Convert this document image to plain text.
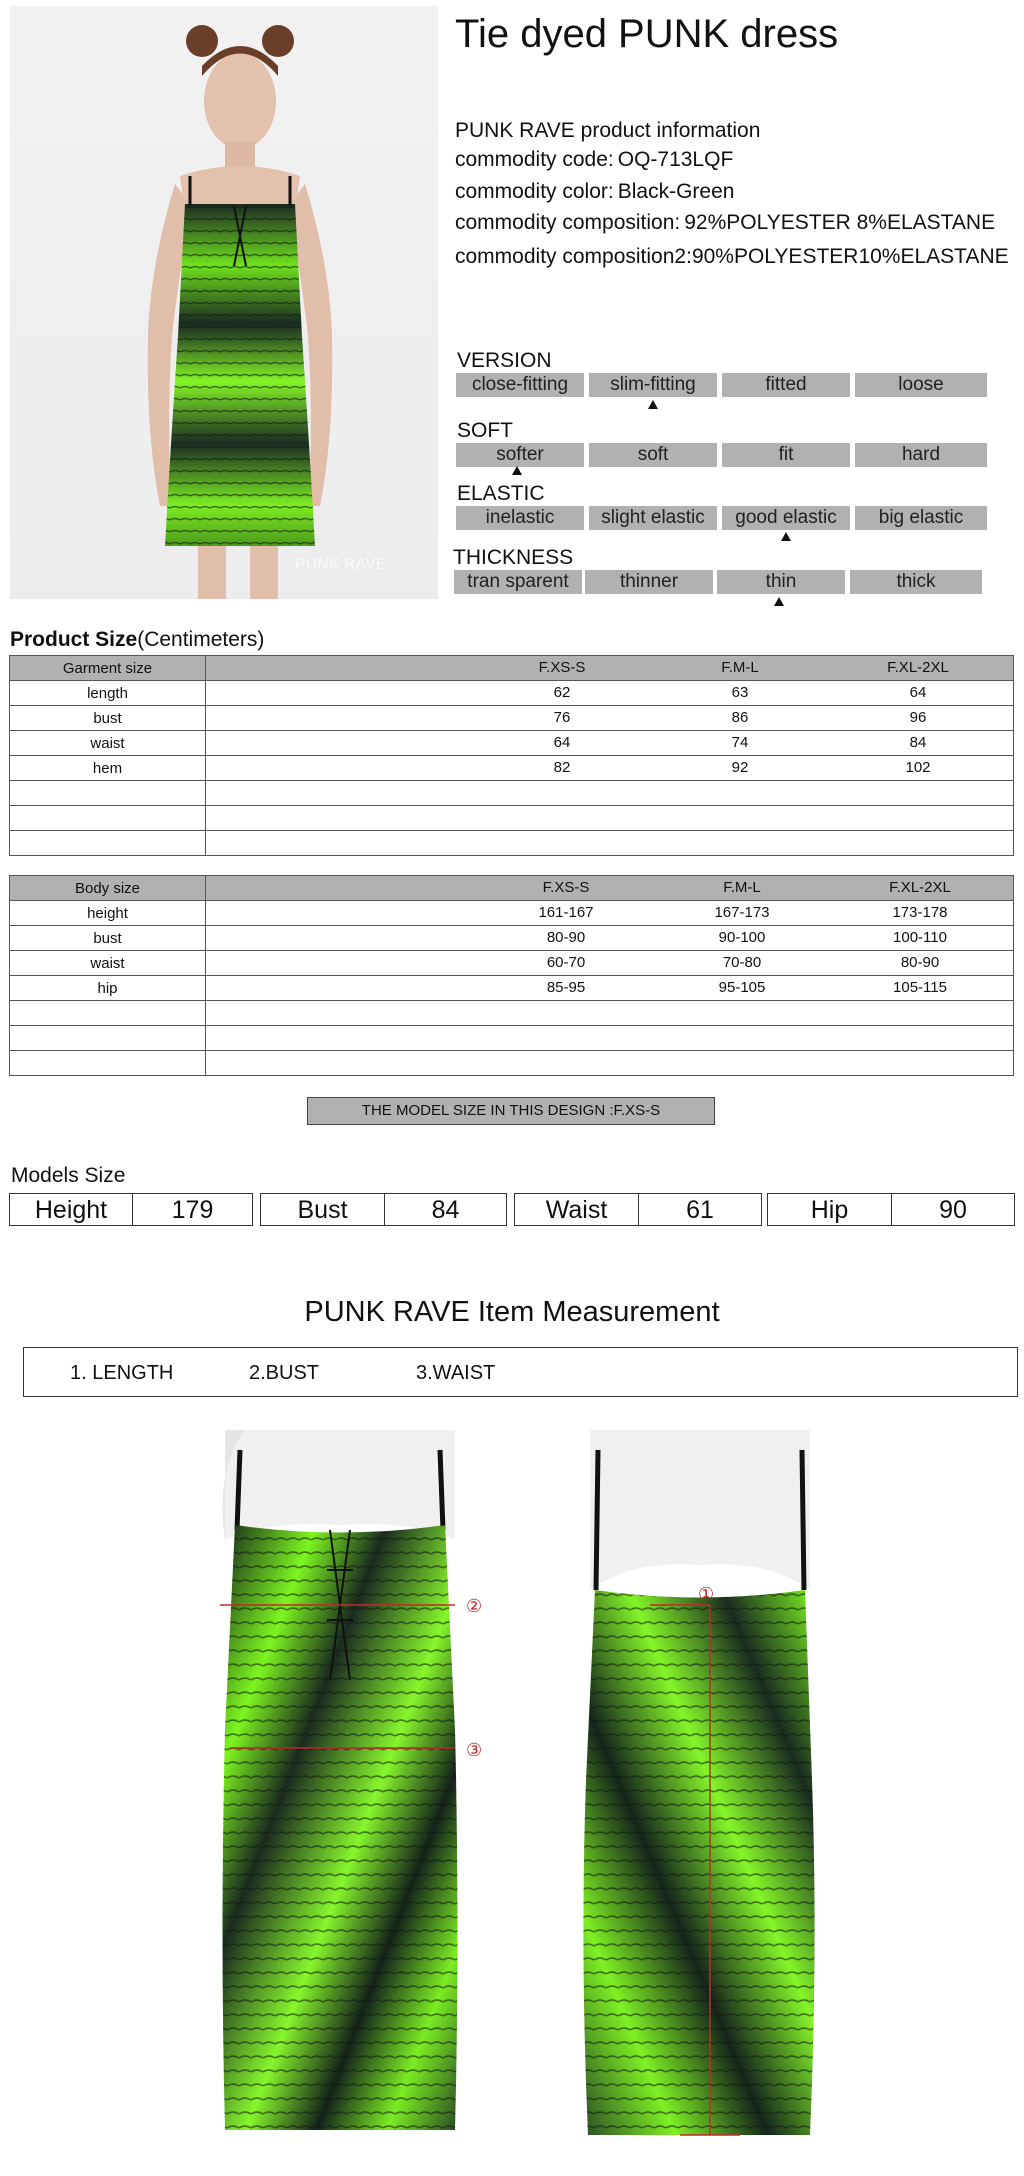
PUNK RAVE
Tie dyed PUNK dress
PUNK RAVE product information
commodity code: OQ-713LQF
commodity color: Black-Green
commodity composition: 92%POLYESTER 8%ELASTANE
commodity composition2:90%POLYESTER10%ELASTANE
VERSION
close-fitting	slim-fitting	fitted	loose
SOFT
softer	soft	fit	hard
ELASTIC
inelastic	slight elastic	good elastic	big elastic
THICKNESS
tran sparent	thinner	thin	thick
Product Size(Centimeters)
Garment size	F.XS-S F.M-L F.XL-2XL

length	62 63 64

bust	76 86 96

waist	64 74 84

hem	82 92 102

Body size	F.XS-S F.M-L F.XL-2XL

height	161-167 167-173 173-178

bust	80-90 90-100 100-110

waist	60-70 70-80 80-90

hip	85-95 95-105 105-115

THE MODEL SIZE IN THIS DESIGN :F.XS-S
Models Size
Height	179	Bust	84	Waist	61	Hip	90
PUNK RAVE Item Measurement
1. LENGTH	2.BUST	3.WAIST
②
③
①
